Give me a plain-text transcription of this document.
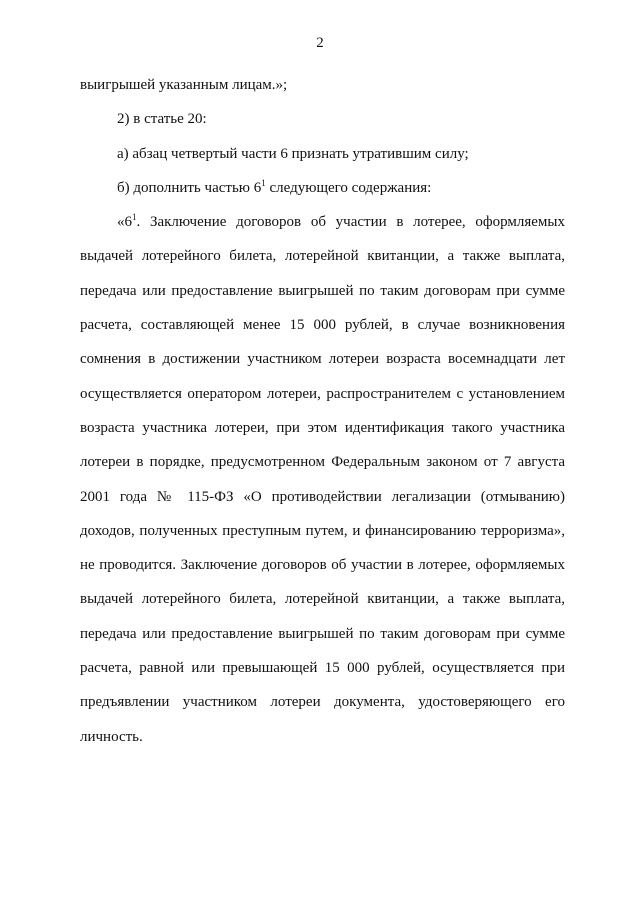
2
выигрышей указанным лицам.»;
2) в статье 20:
а) абзац четвертый части 6 признать утратившим силу;
б) дополнить частью $6^1$ следующего содержания:
«$6^1$. Заключение договоров об участии в лотерее, оформляемых
выдачей лотерейного билета, лотерейной квитанции, а также выплата,
передача или предоставление выигрышей по таким договорам при сумме
расчета, составляющей менее 15 000 рублей, в случае возникновения
сомнения в достижении участником лотереи возраста восемнадцати лет
осуществляется оператором лотереи, распространителем с установлением
возраста участника лотереи, при этом идентификация такого участника
лотереи в порядке, предусмотренном Федеральным законом от 7 августа
2001 года № 115-ФЗ «О противодействии легализации (отмыванию)
доходов, полученных преступным путем, и финансированию терроризма»,
не проводится. Заключение договоров об участии в лотерее, оформляемых
выдачей лотерейного билета, лотерейной квитанции, а также выплата,
передача или предоставление выигрышей по таким договорам при сумме
расчета, равной или превышающей 15 000 рублей, осуществляется при
предъявлении участником лотереи документа, удостоверяющего его
личность.
